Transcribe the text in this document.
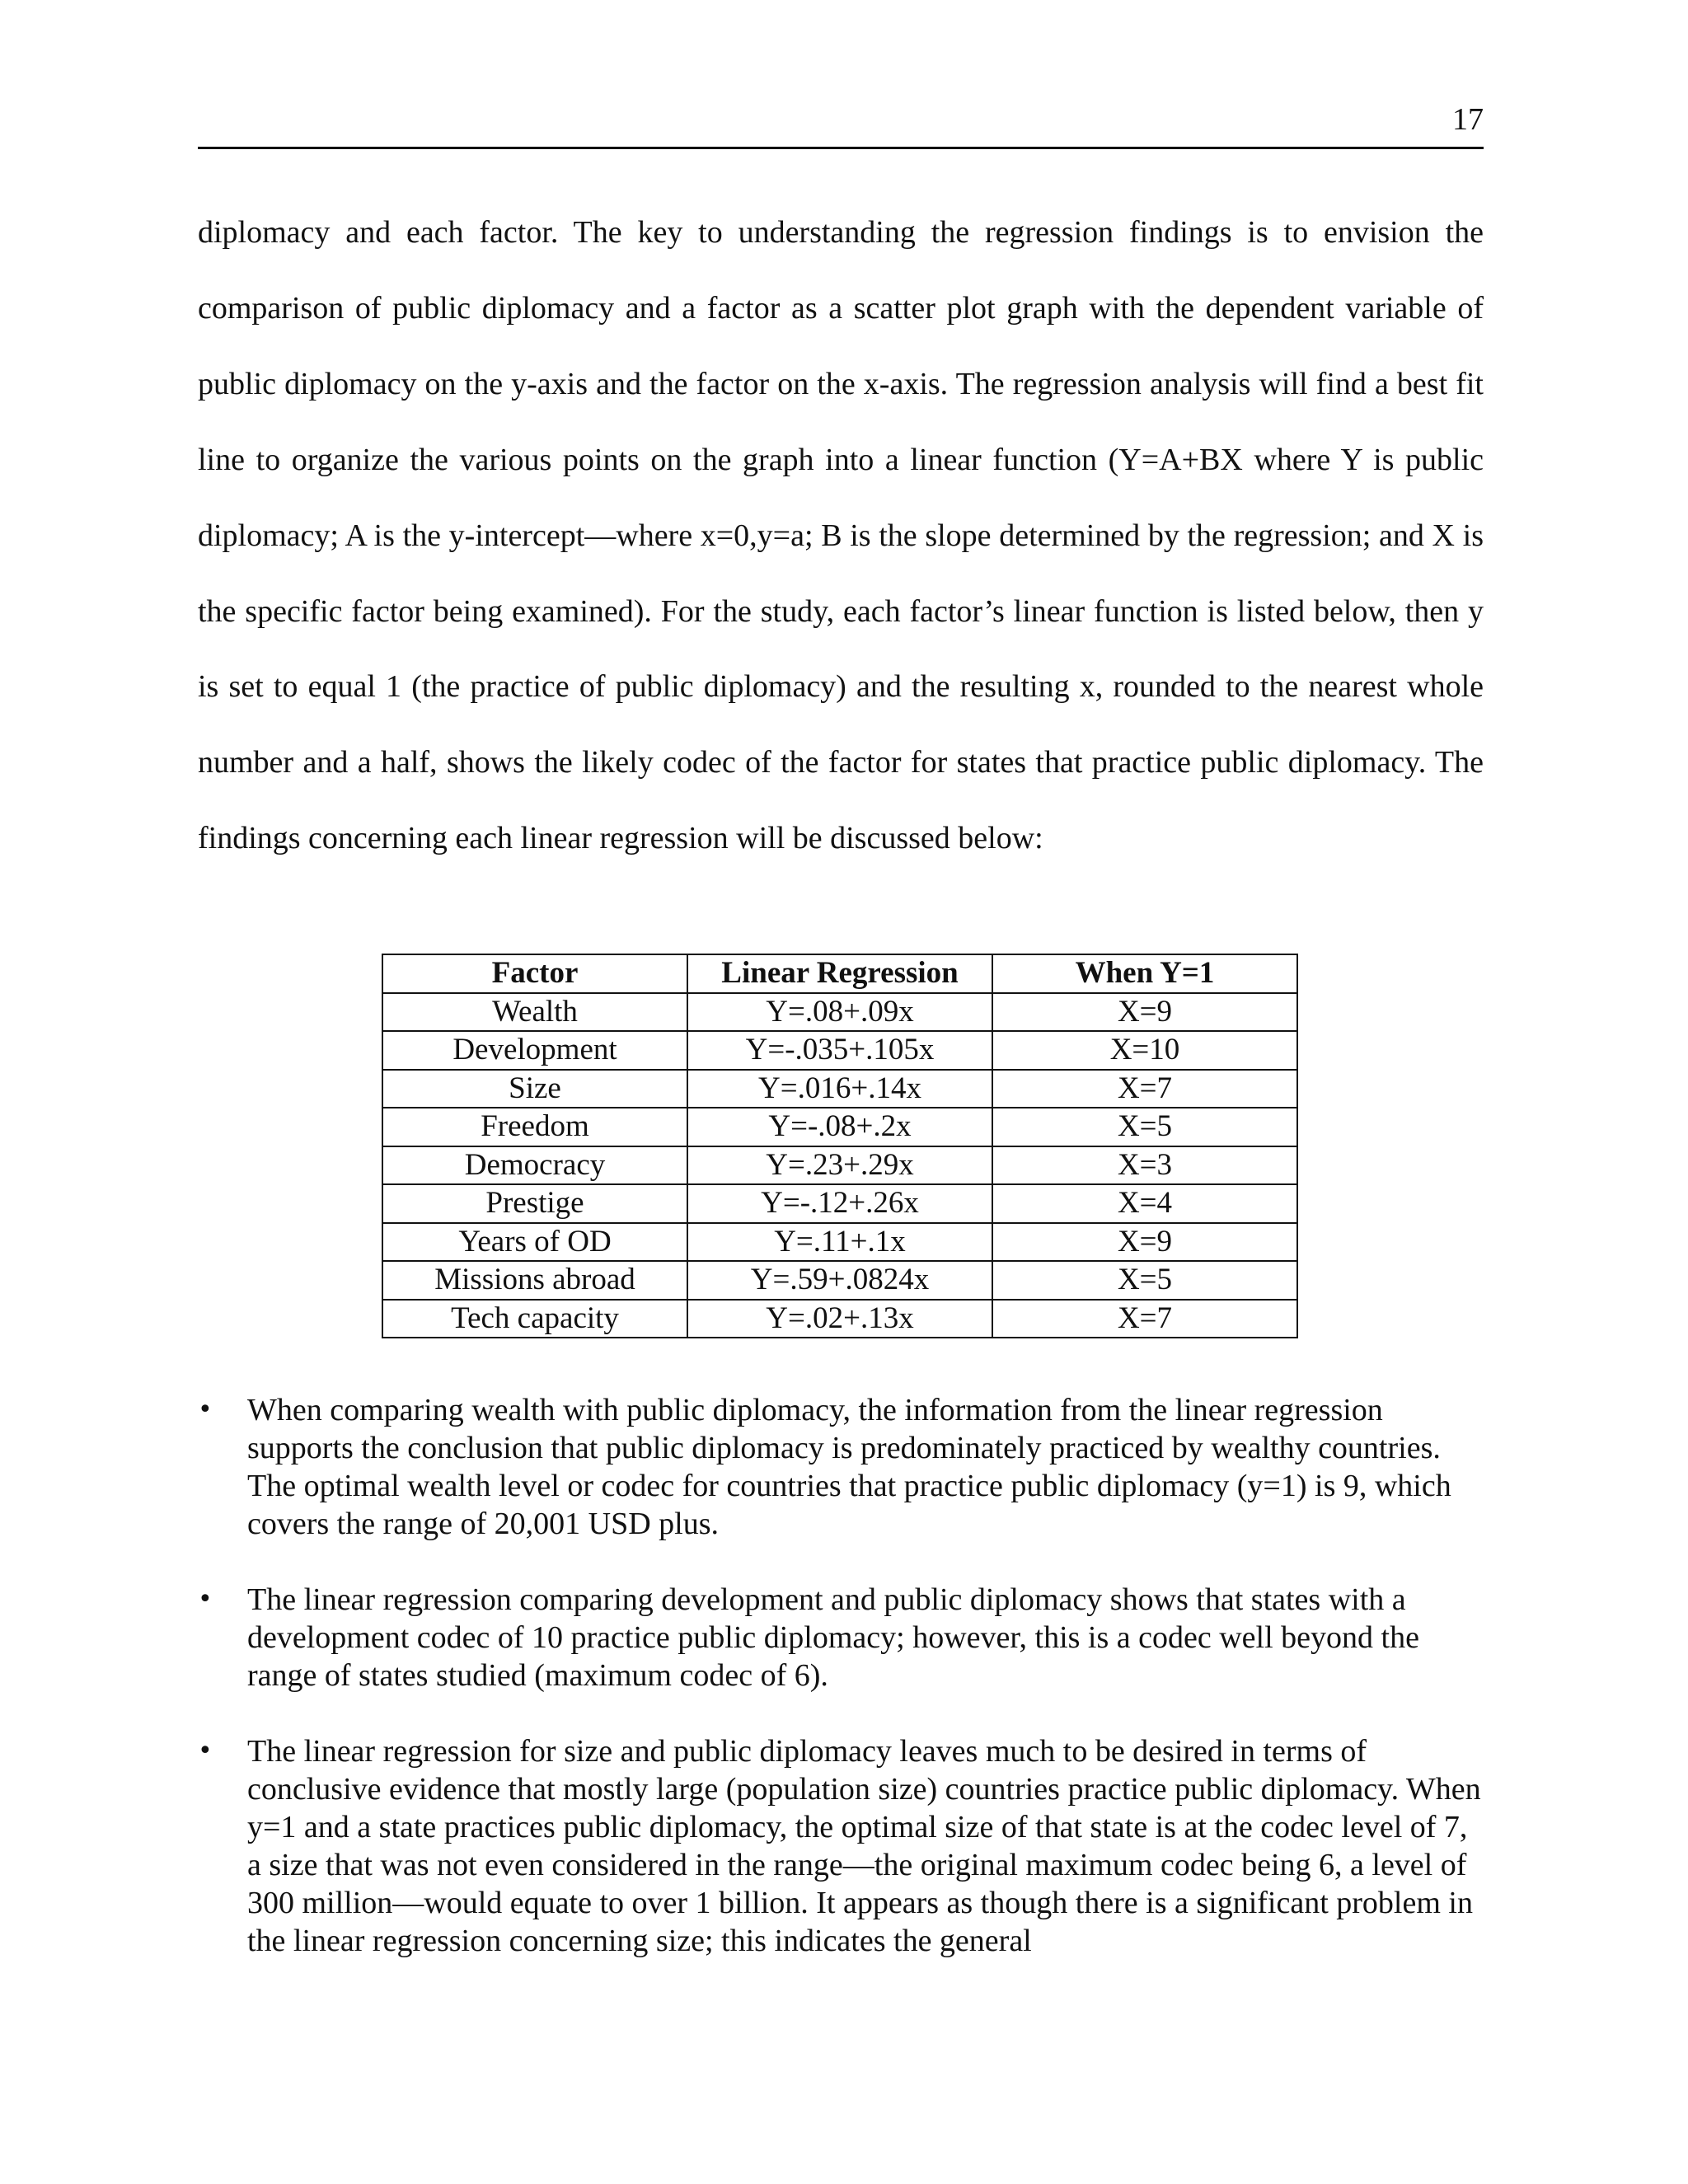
17

diplomacy and each factor. The key to understanding the regression findings is to envision the comparison of public diplomacy and a factor as a scatter plot graph with the dependent variable of public diplomacy on the y-axis and the factor on the x-axis. The regression analysis will find a best fit line to organize the various points on the graph into a linear function (Y=A+BX where Y is public diplomacy; A is the y-intercept—where x=0,y=a; B is the slope determined by the regression; and X is the specific factor being examined). For the study, each factor’s linear function is listed below, then y is set to equal 1 (the practice of public diplomacy) and the resulting x, rounded to the nearest whole number and a half, shows the likely codec of the factor for states that practice public diplomacy. The findings concerning each linear regression will be discussed below:

Factor	Linear Regression	When Y=1
Wealth	Y=.08+.09x	X=9
Development	Y=-.035+.105x	X=10
Size	Y=.016+.14x	X=7
Freedom	Y=-.08+.2x	X=5
Democracy	Y=.23+.29x	X=3
Prestige	Y=-.12+.26x	X=4
Years of OD	Y=.11+.1x	X=9
Missions abroad	Y=.59+.0824x	X=5
Tech capacity	Y=.02+.13x	X=7
•	When comparing wealth with public diplomacy, the information from the linear regression supports the conclusion that public diplomacy is predominately practiced by wealthy countries. The optimal wealth level or codec for countries that practice public diplomacy (y=1) is 9, which covers the range of 20,001 USD plus.
•	The linear regression comparing development and public diplomacy shows that states with a development codec of 10 practice public diplomacy; however, this is a codec well beyond the range of states studied (maximum codec of 6).
•	The linear regression for size and public diplomacy leaves much to be desired in terms of conclusive evidence that mostly large (population size) countries practice public diplomacy. When y=1 and a state practices public diplomacy, the optimal size of that state is at the codec level of 7, a size that was not even considered in the range—the original maximum codec being 6, a level of 300 million—would equate to over 1 billion. It appears as though there is a significant problem in the linear regression concerning size; this indicates the general
